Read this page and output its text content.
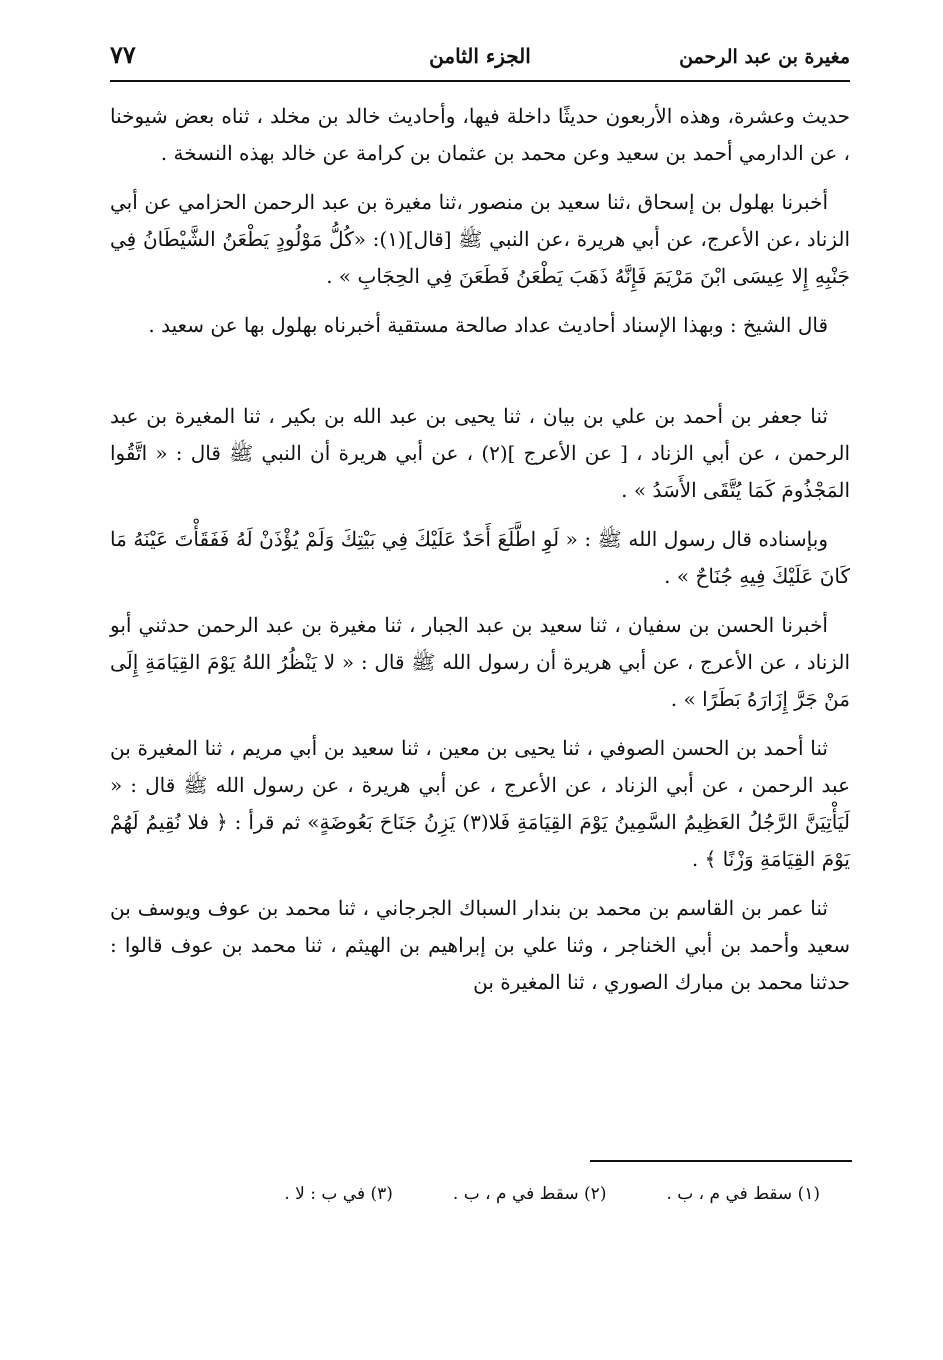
مغيرة بن عبد الرحمن
الجزء الثامن
٧٧

حديث وعشرة، وهذه الأربعون حديثًا داخلة فيها، وأحاديث خالد بن مخلد ، ثناه بعض شيوخنا ، عن الدارمي أحمد بن سعيد وعن محمد بن عثمان بن كرامة عن خالد بهذه النسخة .

أخبرنا بهلول بن إسحاق ،ثنا سعيد بن منصور ،ثنا مغيرة بن عبد الرحمن الحزامي عن أبي الزناد ،عن الأعرج، عن أبي هريرة ،عن النبي ﷺ [قال](١): «كُلُّ مَوْلُودٍ يَطْعَنُ الشَّيْطَانُ فِي جَنْبِهِ إِلا عِيسَى ابْنَ مَرْيَمَ فَإِنَّهُ ذَهَبَ يَطْعَنُ فَطَعَنَ فِي الحِجَابِ » .

قال الشيخ : وبهذا الإسناد أحاديث عداد صالحة مستقية أخبرناه بهلول بها عن سعيد .

ثنا جعفر بن أحمد بن علي بن بيان ، ثنا يحيى بن عبد الله بن بكير ، ثنا المغيرة بن عبد الرحمن ، عن أبي الزناد ، [ عن الأعرج ](٢) ، عن أبي هريرة أن النبي ﷺ قال : « اتَّقُوا المَجْذُومَ كَمَا يُتَّقَى الأَسَدُ » .

وبإسناده قال رسول الله ﷺ : « لَوِ اطَّلَعَ أَحَدٌ عَلَيْكَ فِي بَيْتِكَ وَلَمْ يُؤْذَنْ لَهُ فَفَقَأْتَ عَيْنَهُ مَا كَانَ عَلَيْكَ فِيهِ جُنَاحٌ » .

أخبرنا الحسن بن سفيان ، ثنا سعيد بن عبد الجبار ، ثنا مغيرة بن عبد الرحمن حدثني أبو الزناد ، عن الأعرج ، عن أبي هريرة أن رسول الله ﷺ قال : « لا يَنْظُرُ اللهُ يَوْمَ القِيَامَةِ إِلَى مَنْ جَرَّ إِزَارَهُ بَطَرًا » .

ثنا أحمد بن الحسن الصوفي ، ثنا يحيى بن معين ، ثنا سعيد بن أبي مريم ، ثنا المغيرة بن عبد الرحمن ، عن أبي الزناد ، عن الأعرج ، عن أبي هريرة ، عن رسول الله ﷺ قال : « لَيَأْتِيَنَّ الرَّجُلُ العَظِيمُ السَّمِينُ يَوْمَ القِيَامَةِ فَلا(٣) يَزِنُ جَنَاحَ بَعُوضَةٍ» ثم قرأ : ﴿ فلا نُقِيمُ لَهُمْ يَوْمَ القِيَامَةِ وَزْنًا ﴾ .

ثنا عمر بن القاسم بن محمد بن بندار السباك الجرجاني ، ثنا محمد بن عوف ويوسف بن سعيد وأحمد بن أبي الخناجر ، وثنا علي بن إبراهيم بن الهيثم ، ثنا محمد بن عوف قالوا : حدثنا محمد بن مبارك الصوري ، ثنا المغيرة بن

(١) سقط في م ، ب .
(٢) سقط في م ، ب .
(٣) في ب : لا .
